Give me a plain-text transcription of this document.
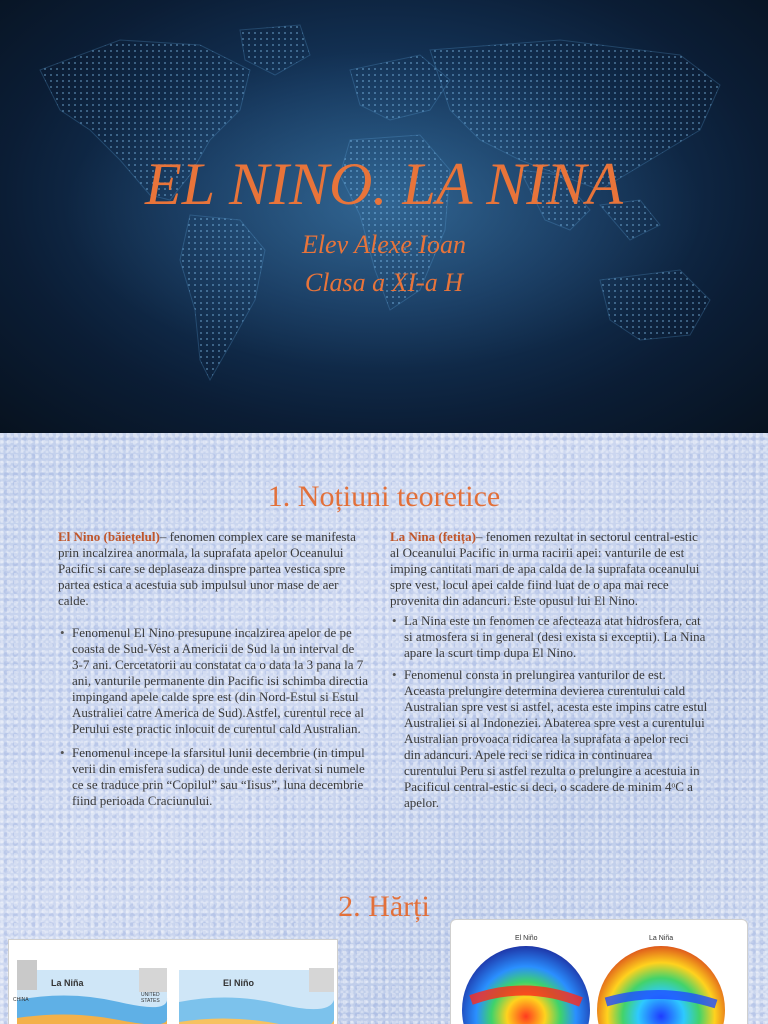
EL NINO. LA NINA
Elev Alexe Ioan
Clasa a XI-a H
1. Noțiuni teoretice

El Nino (băiețelul)– fenomen complex care se manifesta prin incalzirea anormala, la suprafata apelor Oceanului Pacific si care se deplaseaza dinspre partea vestica spre partea estica a acestuia sub impulsul unor mase de aer calde.

• Fenomenul El Nino presupune incalzirea apelor de pe coasta de Sud-Vest a Americii de Sud la un interval de 3-7 ani. Cercetatorii au constatat ca o data la 3 pana la 7 ani, vanturile permanente din Pacific isi schimba directia impingand apele calde spre est (din Nord-Estul si Estul Australiei catre America de Sud).Astfel, curentul rece al Perului este practic inlocuit de curentul cald Australian.
• Fenomenul incepe la sfarsitul lunii decembrie (in timpul verii din emisfera sudica) de unde este derivat si numele ce se traduce prin “Copilul” sau “Iisus”, luna decembrie fiind perioada Craciunului.

La Nina (fetița)– fenomen rezultat in sectorul central-estic al Oceanului Pacific in urma racirii apei: vanturile de est imping cantitati mari de apa calda de la suprafata oceanului spre vest, locul apei calde fiind luat de o apa mai rece provenita din adancuri. Este opusul lui El Nino.

• La Nina este un fenomen ce afecteaza atat hidrosfera, cat si atmosfera si in general (desi exista si exceptii). La Nina apare la scurt timp dupa El Nino.
• Fenomenul consta in prelungirea vanturilor de est. Aceasta prelungire determina devierea curentului cald Australian spre vest si astfel, acesta este impins catre estul Australiei si al Indoneziei. Abaterea spre vest a curentului Australian provoaca ridicarea la suprafata a apelor reci din adancuri. Apele reci se ridica in continuarea curentului Peru si astfel rezulta o prelungire a acestuia in Pacificul central-estic si deci, o scadere de minim 4ᵒC a apelor.
2. Hărți
La Niña	El Niño
CHINA
UNITED STATES
El Niño	La Niña
